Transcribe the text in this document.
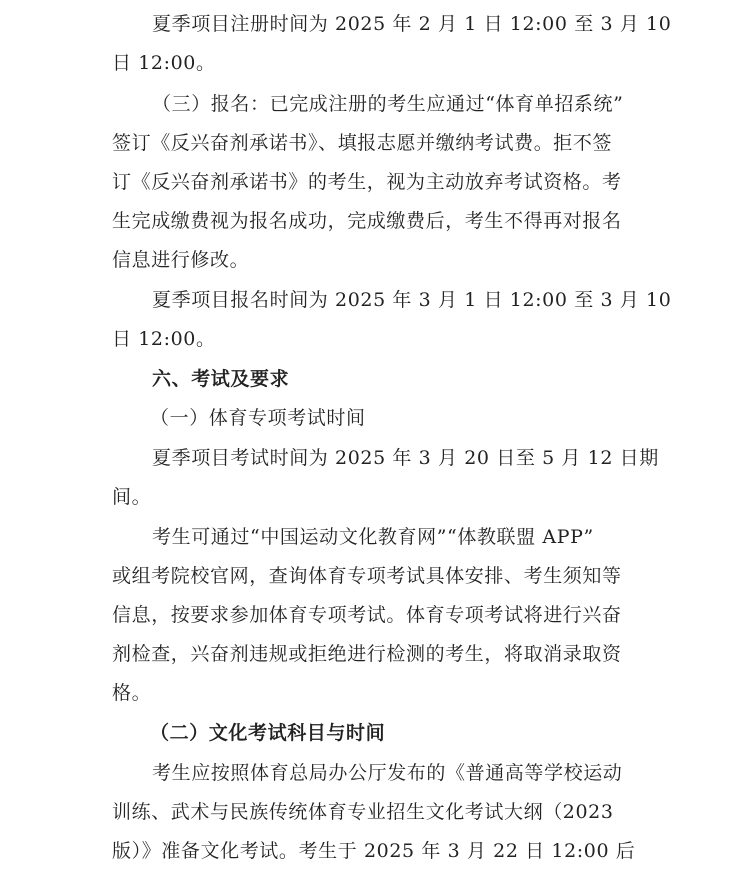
夏季项目注册时间为 2025 年 2 月 1 日 12:00 至 3 月 10
日 12:00。
（三）报名：已完成注册的考生应通过“体育单招系统”
签订《反兴奋剂承诺书》、填报志愿并缴纳考试费。拒不签
订《反兴奋剂承诺书》的考生，视为主动放弃考试资格。考
生完成缴费视为报名成功，完成缴费后，考生不得再对报名
信息进行修改。
夏季项目报名时间为 2025 年 3 月 1 日 12:00 至 3 月 10
日 12:00。
六、考试及要求
（一）体育专项考试时间
夏季项目考试时间为 2025 年 3 月 20 日至 5 月 12 日期
间。
考生可通过“中国运动文化教育网”“体教联盟 APP”
或组考院校官网，查询体育专项考试具体安排、考生须知等
信息，按要求参加体育专项考试。体育专项考试将进行兴奋
剂检查，兴奋剂违规或拒绝进行检测的考生，将取消录取资
格。
（二）文化考试科目与时间
考生应按照体育总局办公厅发布的《普通高等学校运动
训练、武术与民族传统体育专业招生文化考试大纲（2023
版）》准备文化考试。考生于 2025 年 3 月 22 日 12:00 后
